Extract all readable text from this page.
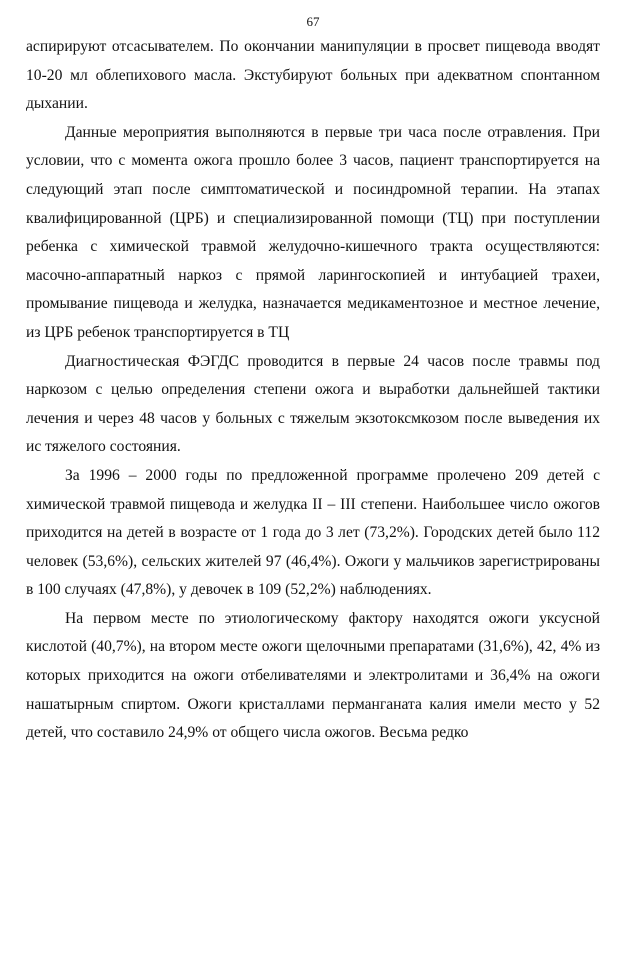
67

аспирируют отсасывателем. По окончании манипуляции в просвет пищевода вводят 10-20 мл облепихового масла. Экстубируют больных при адекватном спонтанном дыхании.

Данные мероприятия выполняются в первые три часа после отравления. При условии, что с момента ожога прошло более 3 часов, пациент транспортируется на следующий этап после симптоматической и посиндромной терапии. На этапах квалифицированной (ЦРБ) и специализированной помощи (ТЦ) при поступлении ребенка с химической травмой желудочно-кишечного тракта осуществляются: масочно-аппаратный наркоз с прямой ларингоскопией и интубацией трахеи, промывание пищевода и желудка, назначается медикаментозное и местное лечение, из ЦРБ ребенок транспортируется в ТЦ

Диагностическая ФЭГДС проводится в первые 24 часов после травмы под наркозом с целью определения степени ожога и выработки дальнейшей тактики лечения и через 48 часов у больных с тяжелым экзотоксмкозом после выведения их ис тяжелого состояния.

За 1996 – 2000 годы по предложенной программе пролечено 209 детей с химической травмой пищевода и желудка II – III степени. Наибольшее число ожогов приходится на детей в возрасте от 1 года до 3 лет (73,2%). Городских детей было 112 человек (53,6%), сельских жителей 97 (46,4%). Ожоги у мальчиков зарегистрированы в 100 случаях (47,8%), у девочек в 109 (52,2%) наблюдениях.

На первом месте по этиологическому фактору находятся ожоги уксусной кислотой (40,7%), на втором месте ожоги щелочными препаратами (31,6%), 42, 4% из которых приходится на ожоги отбеливателями и электролитами и 36,4% на ожоги нашатырным спиртом. Ожоги кристаллами перманганата калия имели место у 52 детей, что составило 24,9% от общего числа ожогов. Весьма редко
